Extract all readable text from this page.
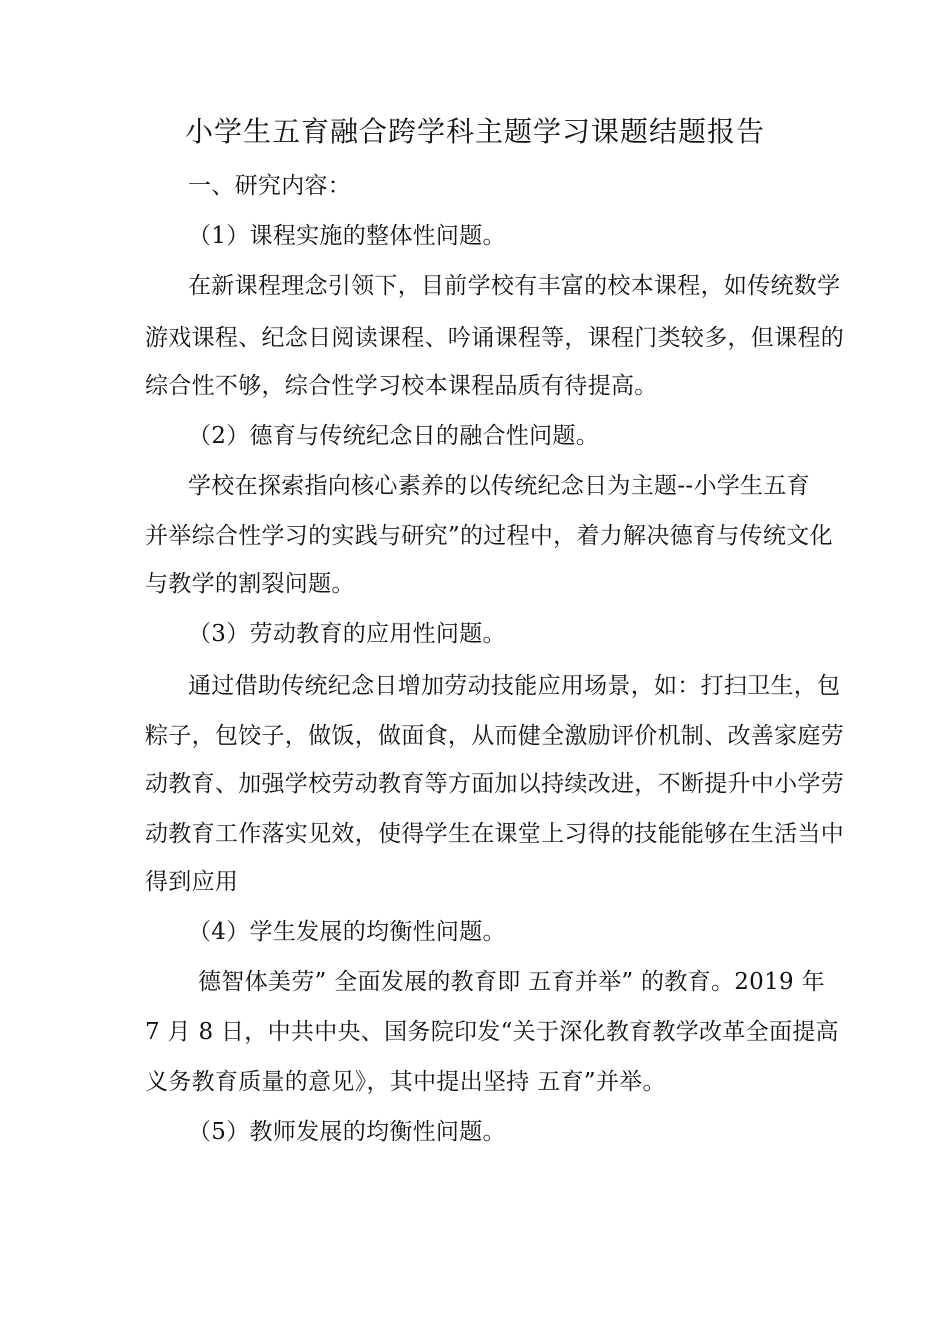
小学生五育融合跨学科主题学习课题结题报告
一、研究内容：
（1）课程实施的整体性问题。
在新课程理念引领下，目前学校有丰富的校本课程，如传统数学
游戏课程、纪念日阅读课程、吟诵课程等，课程门类较多，但课程的
综合性不够，综合性学习校本课程品质有待提高。
（2）德育与传统纪念日的融合性问题。
学校在探索指向核心素养的以传统纪念日为主题--小学生五育
并举综合性学习的实践与研究”的过程中，着力解决德育与传统文化
与教学的割裂问题。
（3）劳动教育的应用性问题。
通过借助传统纪念日增加劳动技能应用场景，如：打扫卫生，包
粽子，包饺子，做饭，做面食，从而健全激励评价机制、改善家庭劳
动教育、加强学校劳动教育等方面加以持续改进，不断提升中小学劳
动教育工作落实见效，使得学生在课堂上习得的技能能够在生活当中
得到应用
（4）学生发展的均衡性问题。
德智体美劳” 全面发展的教育即 五育并举” 的教育。2019 年
7 月 8 日，中共中央、国务院印发“关于深化教育教学改革全面提高
义务教育质量的意见》，其中提出坚持 五育”并举。
（5）教师发展的均衡性问题。
